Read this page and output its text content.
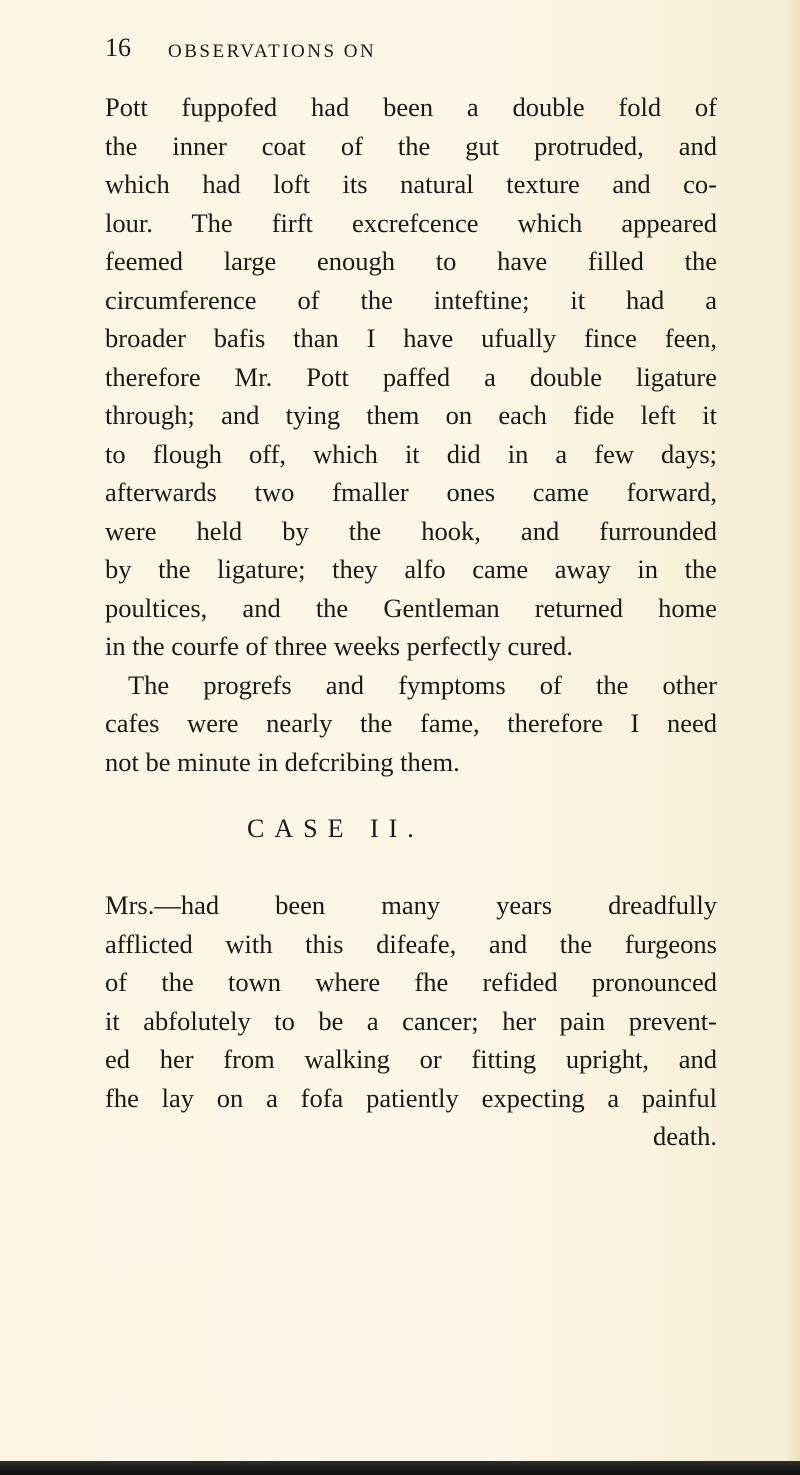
16 OBSERVATIONS ON
Pott fuppofed had been a double fold of
the inner coat of the gut protruded, and
which had loft its natural texture and co-
lour. The firft excrefcence which appeared
feemed large enough to have filled the
circumference of the inteftine; it had a
broader bafis than I have ufually fince feen,
therefore Mr. Pott paffed a double ligature
through; and tying them on each fide left it
to flough off, which it did in a few days;
afterwards two fmaller ones came forward,
were held by the hook, and furrounded
by the ligature; they alfo came away in the
poultices, and the Gentleman returned home
in the courfe of three weeks perfectly cured.
The progrefs and fymptoms of the other
cafes were nearly the fame, therefore I need
not be minute in defcribing them.
CASE II.
Mrs.—had been many years dreadfully
afflicted with this difeafe, and the furgeons
of the town where fhe refided pronounced
it abfolutely to be a cancer; her pain prevent-
ed her from walking or fitting upright, and
fhe lay on a fofa patiently expecting a painful
death.
